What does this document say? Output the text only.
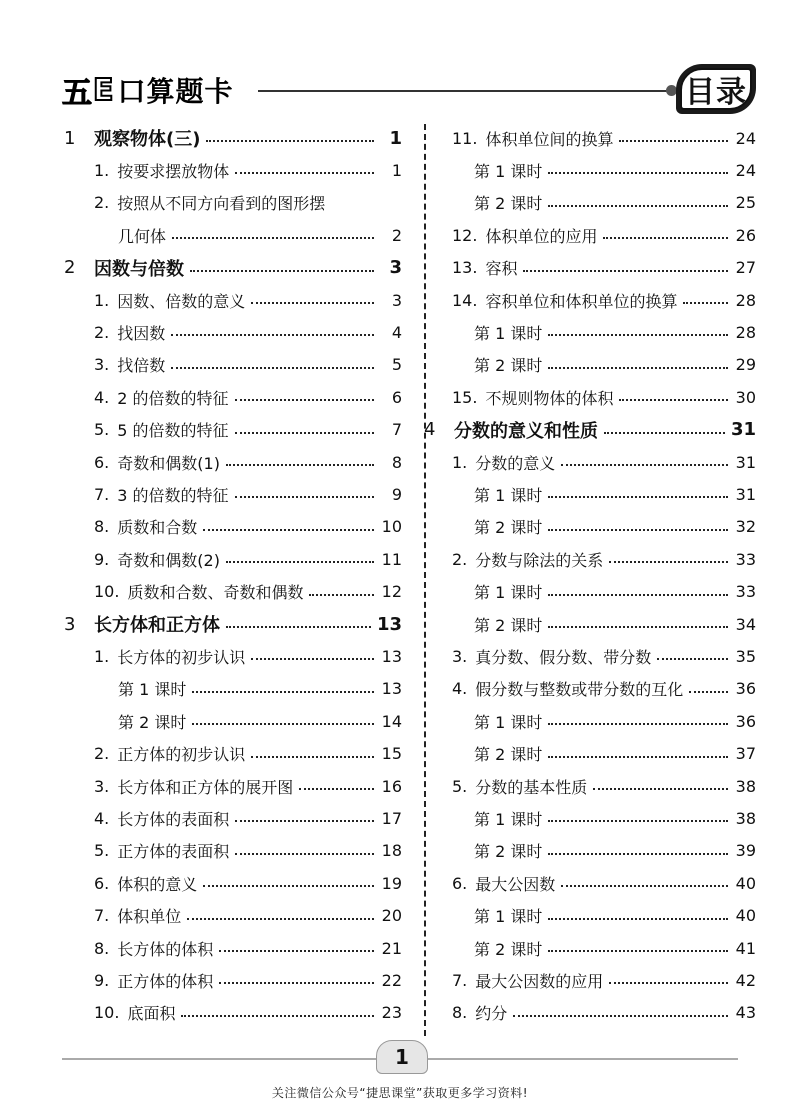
五 E 口算题卡	目录
1	观察物体(三)	1
1. 按要求摆放物体	1
2. 按照从不同方向看到的图形摆
几何体	2
2	因数与倍数	3
1. 因数、倍数的意义	3
2. 找因数	4
3. 找倍数	5
4. 2 的倍数的特征	6
5. 5 的倍数的特征	7
6. 奇数和偶数(1)	8
7. 3 的倍数的特征	9
8. 质数和合数	10
9. 奇数和偶数(2)	11
10. 质数和合数、奇数和偶数	12
3	长方体和正方体	13
1. 长方体的初步认识	13
第 1 课时	13
第 2 课时	14
2. 正方体的初步认识	15
3. 长方体和正方体的展开图	16
4. 长方体的表面积	17
5. 正方体的表面积	18
6. 体积的意义	19
7. 体积单位	20
8. 长方体的体积	21
9. 正方体的体积	22
10. 底面积	23
11. 体积单位间的换算	24
第 1 课时	24
第 2 课时	25
12. 体积单位的应用	26
13. 容积	27
14. 容积单位和体积单位的换算	28
第 1 课时	28
第 2 课时	29
15. 不规则物体的体积	30
4	分数的意义和性质	31
1. 分数的意义	31
第 1 课时	31
第 2 课时	32
2. 分数与除法的关系	33
第 1 课时	33
第 2 课时	34
3. 真分数、假分数、带分数	35
4. 假分数与整数或带分数的互化	36
第 1 课时	36
第 2 课时	37
5. 分数的基本性质	38
第 1 课时	38
第 2 课时	39
6. 最大公因数	40
第 1 课时	40
第 2 课时	41
7. 最大公因数的应用	42
8. 约分	43
1
关注微信公众号“捷思课堂”获取更多学习资料!
